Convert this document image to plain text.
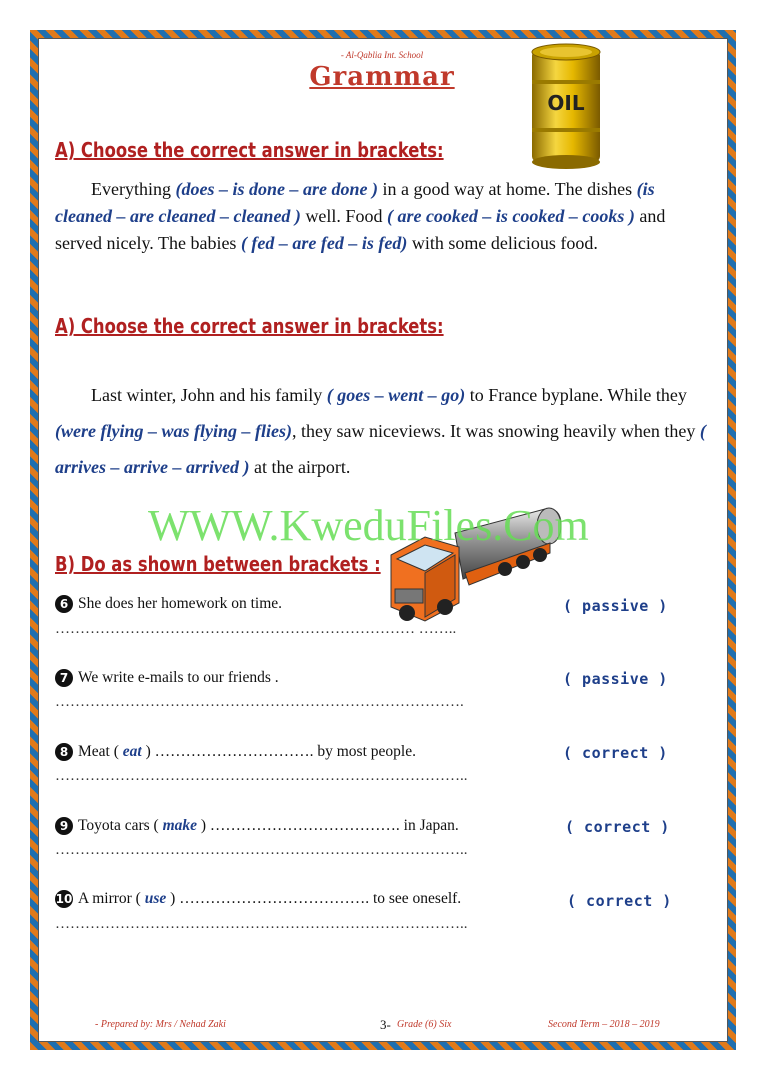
- Al-Qablia Int. School
Grammar
OIL
A) Choose the correct answer in brackets:
Everything (does – is done – are done ) in a good way at home. The dishes (is cleaned – are cleaned – cleaned ) well. Food ( are cooked – is cooked – cooks ) and served nicely. The babies ( fed – are fed – is fed) with some delicious food.
A) Choose the correct answer in brackets:
Last winter, John and his family ( goes – went – go) to France byplane. While they (were flying – was flying – flies), they saw niceviews. It was snowing heavily when they ( arrives – arrive – arrived ) at the airport.
WWW.KweduFiles.Com
B) Do as shown between brackets :
6 She does her homework on time.	( passive )
……………………………………………………………… ……..
7 We write e-mails to our friends .	( passive )
……………………………………………………………………….
8 Meat ( eat ) …………………………. by most people.	( correct )
………………………………………………………………………..
9 Toyota cars ( make ) ………………………………. in Japan.	( correct )
………………………………………………………………………..
10 A mirror ( use ) ………………………………. to see oneself.	( correct )
………………………………………………………………………..
- Prepared by: Mrs / Nehad Zaki	3- Grade (6) Six	Second Term – 2018 – 2019
